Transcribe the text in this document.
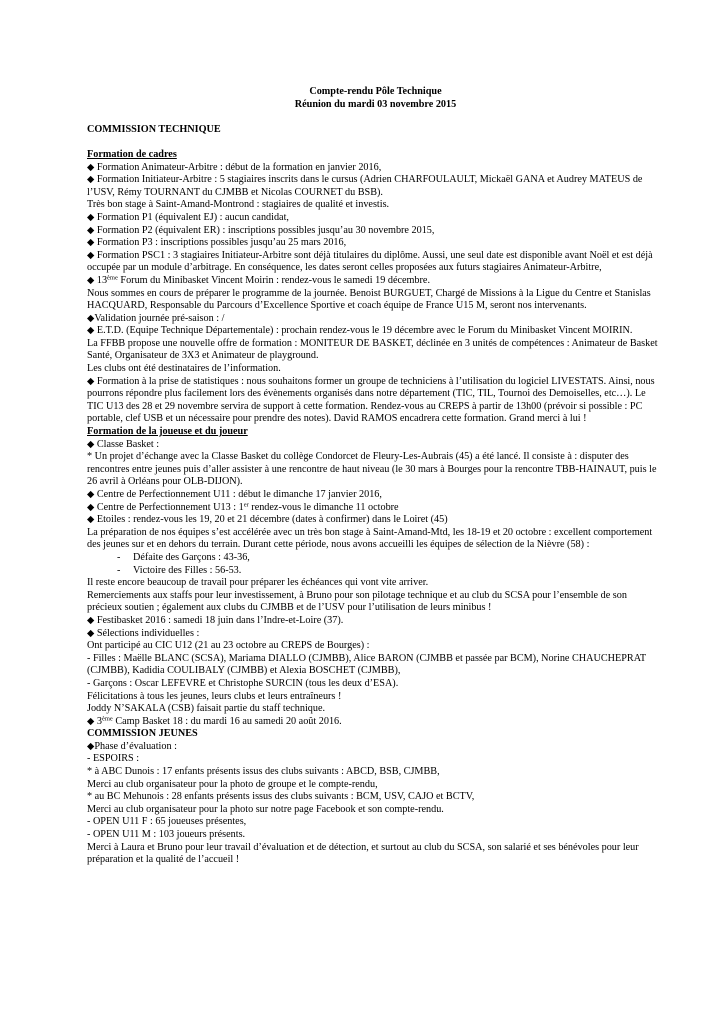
Compte-rendu Pôle Technique

Réunion du mardi 03 novembre 2015

COMMISSION TECHNIQUE

Formation de cadres

◆ Formation Animateur-Arbitre : début de la formation en janvier 2016,

◆ Formation Initiateur-Arbitre : 5 stagiaires inscrits dans le cursus (Adrien CHARFOULAULT, Mickaël GANA et Audrey MATEUS de l’USV, Rémy TOURNANT du CJMBB et Nicolas COURNET du BSB).

Très bon stage à Saint-Amand-Montrond : stagiaires de qualité et investis.

◆ Formation P1 (équivalent EJ) : aucun candidat,

◆ Formation P2 (équivalent ER) : inscriptions possibles jusqu’au 30 novembre 2015,

◆ Formation P3 : inscriptions possibles jusqu’au 25 mars 2016,

◆ Formation PSC1 : 3 stagiaires Initiateur-Arbitre sont déjà titulaires du diplôme. Aussi, une seul date est disponible avant Noël et est déjà occupée par un module d’arbitrage. En conséquence, les dates seront celles proposées aux futurs stagiaires Animateur-Arbitre,

◆ 13ème Forum du Minibasket Vincent Moirin : rendez-vous le samedi 19 décembre.

Nous sommes en cours de préparer le programme de la journée. Benoist BURGUET, Chargé de Missions à la Ligue du Centre et Stanislas HACQUARD, Responsable du Parcours d’Excellence Sportive et coach équipe de France U15 M, seront nos intervenants.

◆Validation journée pré-saison : /

◆ E.T.D. (Equipe Technique Départementale) : prochain rendez-vous le 19 décembre avec le Forum du Minibasket Vincent MOIRIN.

La FFBB propose une nouvelle offre de formation : MONITEUR DE BASKET, déclinée en 3 unités de compétences : Animateur de Basket Santé, Organisateur de 3X3 et Animateur de playground.

Les clubs ont été destinataires de l’information.

◆ Formation à la prise de statistiques : nous souhaitons former un groupe de techniciens à l’utilisation du logiciel LIVESTATS. Ainsi, nous pourrons répondre plus facilement lors des évènements organisés dans notre département (TIC, TIL, Tournoi des Demoiselles, etc…). Le TIC U13 des 28 et 29 novembre servira de support à cette formation. Rendez-vous au CREPS à partir de 13h00 (prévoir si possible : PC portable, clef USB et un nécessaire pour prendre des notes). David RAMOS encadrera cette formation. Grand merci à lui !

Formation de la joueuse et du joueur

◆ Classe Basket :

* Un projet d’échange avec la Classe Basket du collège Condorcet de Fleury-Les-Aubrais (45) a été lancé. Il consiste à : disputer des rencontres entre jeunes puis d’aller assister à une rencontre de haut niveau (le 30 mars à Bourges pour la rencontre TBB-HAINAUT, puis le 26 avril à Orléans pour OLB-DIJON).

◆ Centre de Perfectionnement U11 : début le dimanche 17 janvier 2016,

◆ Centre de Perfectionnement U13 : 1er rendez-vous le dimanche 11 octobre

◆ Etoiles : rendez-vous les 19, 20 et 21 décembre (dates à confirmer) dans le Loiret (45)

La préparation de nos équipes s’est accélérée avec un très bon stage à Saint-Amand-Mtd, les 18-19 et 20 octobre : excellent comportement des jeunes sur et en dehors du terrain. Durant cette période, nous avons accueilli les équipes de sélection de la Nièvre (58) :

- Défaite des Garçons : 43-36,

- Victoire des Filles : 56-53.

Il reste encore beaucoup de travail pour préparer les échéances qui vont vite arriver.

Remerciements aux staffs pour leur investissement, à Bruno pour son pilotage technique et au club du SCSA pour l’ensemble de son précieux soutien ; également aux clubs du CJMBB et de l’USV pour l’utilisation de leurs minibus !

◆ Festibasket 2016 : samedi 18 juin dans l’Indre-et-Loire (37).

◆ Sélections individuelles :

Ont participé au CIC U12 (21 au 23 octobre au CREPS de Bourges) :

- Filles : Maëlle BLANC (SCSA), Mariama DIALLO (CJMBB), Alice BARON (CJMBB et passée par BCM), Norine CHAUCHEPRAT (CJMBB), Kadidia COULIBALY (CJMBB) et Alexia BOSCHET (CJMBB),

- Garçons : Oscar LEFEVRE et Christophe SURCIN (tous les deux d’ESA).

Félicitations à tous les jeunes, leurs clubs et leurs entraîneurs !

Joddy N’SAKALA (CSB) faisait partie du staff technique.

◆ 3ème Camp Basket 18 : du mardi 16 au samedi 20 août 2016.

COMMISSION JEUNES

◆Phase d’évaluation :

- ESPOIRS :

* à ABC Dunois : 17 enfants présents issus des clubs suivants : ABCD, BSB, CJMBB,

Merci au club organisateur pour la photo de groupe et le compte-rendu,

* au BC Mehunois : 28 enfants présents issus des clubs suivants : BCM, USV, CAJO et BCTV,

Merci au club organisateur pour la photo sur notre page Facebook et son compte-rendu.

- OPEN U11 F : 65 joueuses présentes,

- OPEN U11 M : 103 joueurs présents.

Merci à Laura et Bruno pour leur travail d’évaluation et de détection, et surtout au club du SCSA, son salarié et ses bénévoles pour leur préparation et la qualité de l’accueil !
